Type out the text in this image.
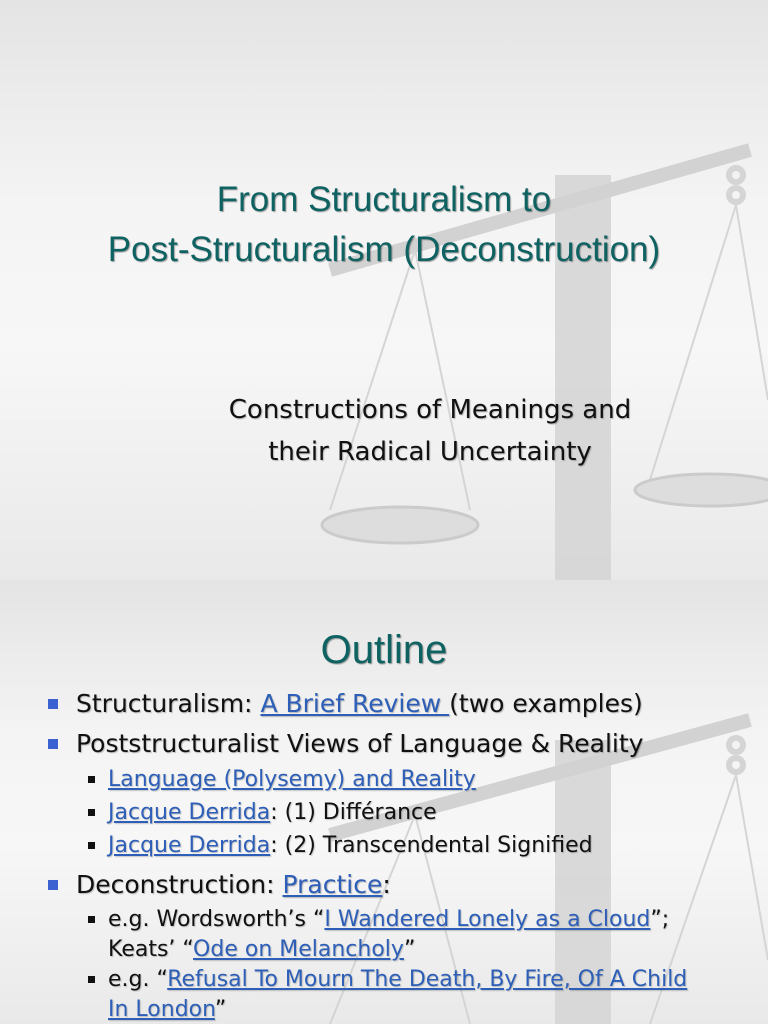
From Structuralism to
Post-Structuralism (Deconstruction)
Constructions of Meanings and
their Radical Uncertainty
Outline
Structuralism: A Brief Review (two examples)
Poststructuralist Views of Language & Reality
Language (Polysemy) and Reality
Jacque Derrida: (1) Différance
Jacque Derrida: (2) Transcendental Signified
Deconstruction: Practice:
e.g. Wordsworth’s “I Wandered Lonely as a Cloud”;
Keats’ “Ode on Melancholy”
e.g. “Refusal To Mourn The Death, By Fire, Of A Child
In London”
